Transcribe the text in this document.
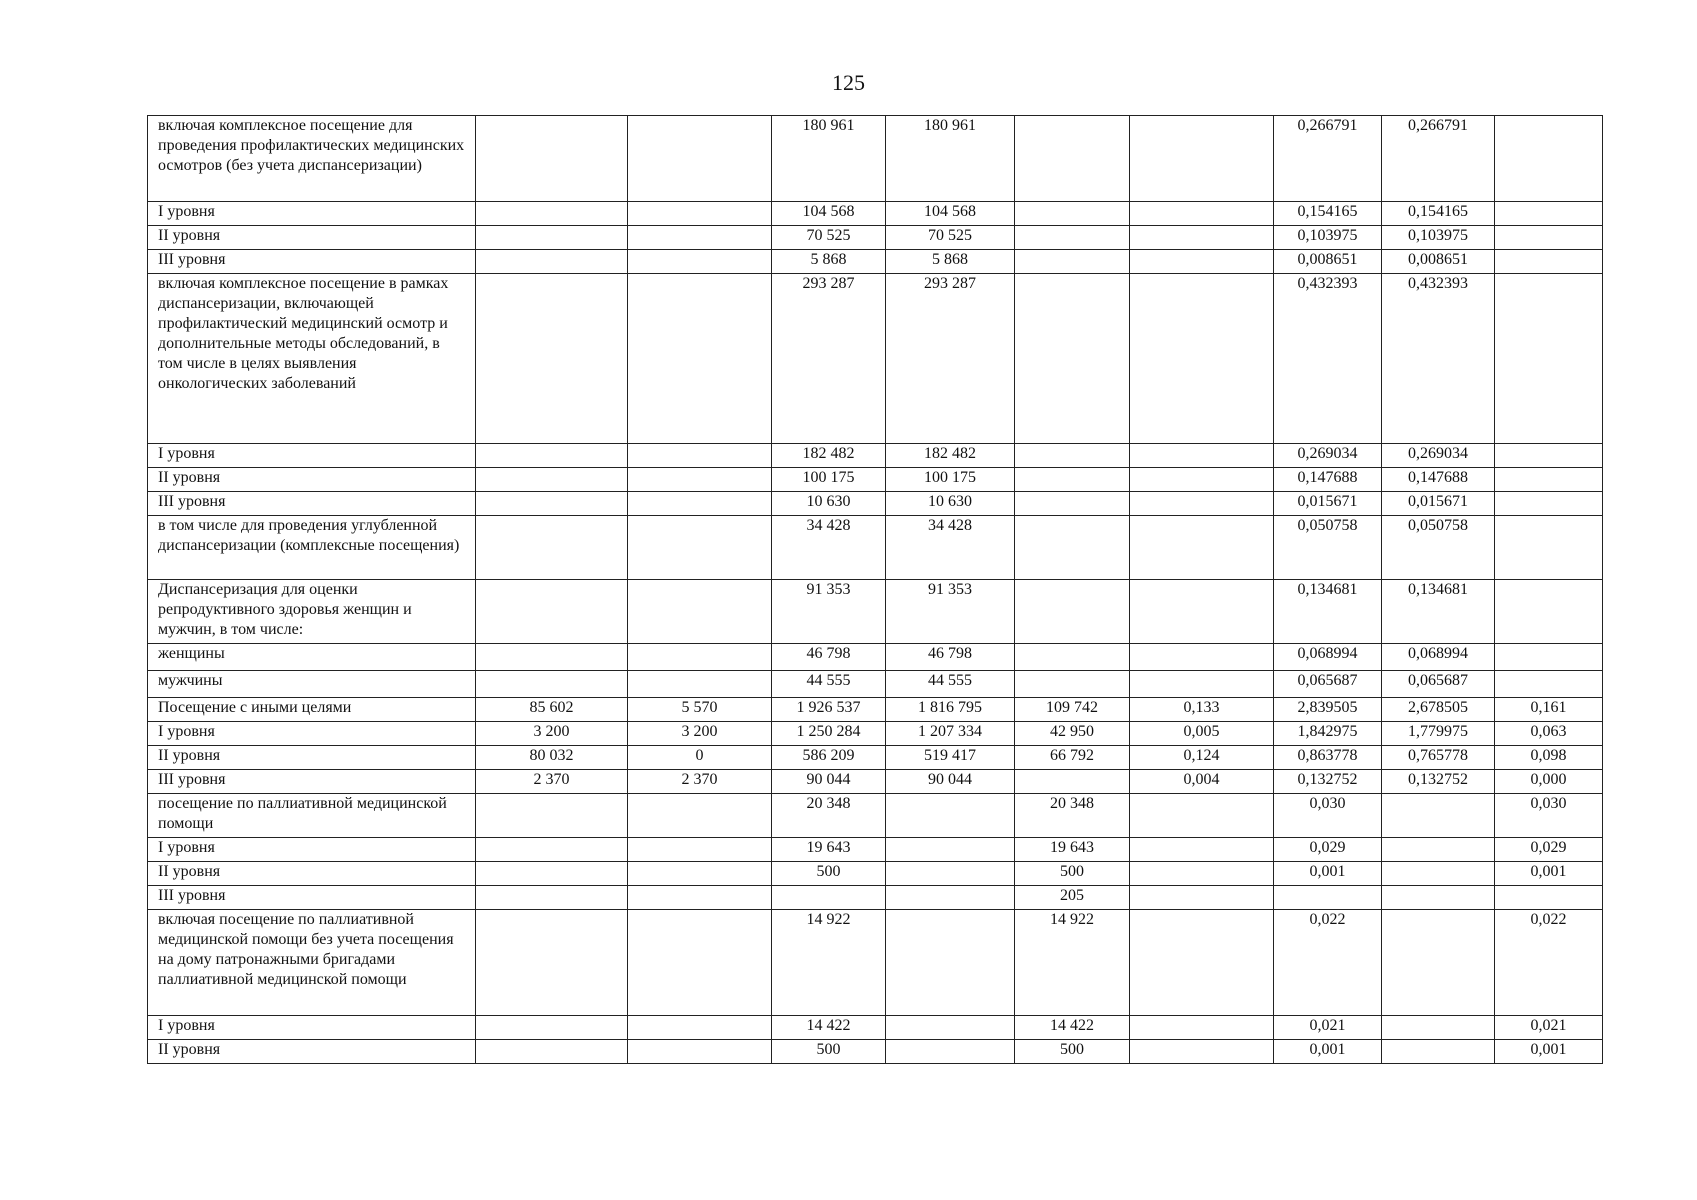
125
включая комплексное посещение для проведения профилактических медицинских осмотров (без учета диспансеризации)			180 961	180 961			0,266791	0,266791	
I уровня			104 568	104 568			0,154165	0,154165	
II уровня			70 525	70 525			0,103975	0,103975	
III уровня			5 868	5 868			0,008651	0,008651	
включая комплексное посещение в рамках диспансеризации, включающей профилактический медицинский осмотр и дополнительные методы обследований, в том числе в целях выявления онкологических заболеваний			293 287	293 287			0,432393	0,432393	
I уровня			182 482	182 482			0,269034	0,269034	
II уровня			100 175	100 175			0,147688	0,147688	
III уровня			10 630	10 630			0,015671	0,015671	
в том числе для проведения углубленной диспансеризации (комплексные посещения)			34 428	34 428			0,050758	0,050758	
Диспансеризация для оценки репродуктивного здоровья женщин и мужчин, в том числе:			91 353	91 353			0,134681	0,134681	
женщины			46 798	46 798			0,068994	0,068994	
мужчины			44 555	44 555			0,065687	0,065687	
Посещение с иными целями	85 602	5 570	1 926 537	1 816 795	109 742	0,133	2,839505	2,678505	0,161
I уровня	3 200	3 200	1 250 284	1 207 334	42 950	0,005	1,842975	1,779975	0,063
II уровня	80 032	0	586 209	519 417	66 792	0,124	0,863778	0,765778	0,098
III уровня	2 370	2 370	90 044	90 044		0,004	0,132752	0,132752	0,000
посещение по паллиативной медицинской помощи			20 348		20 348		0,030		0,030
I уровня			19 643		19 643		0,029		0,029
II уровня			500		500		0,001		0,001
III уровня					205				
включая посещение по паллиативной медицинской помощи без учета посещения на дому патронажными бригадами паллиативной медицинской помощи			14 922		14 922		0,022		0,022
I уровня			14 422		14 422		0,021		0,021
II уровня			500		500		0,001		0,001
